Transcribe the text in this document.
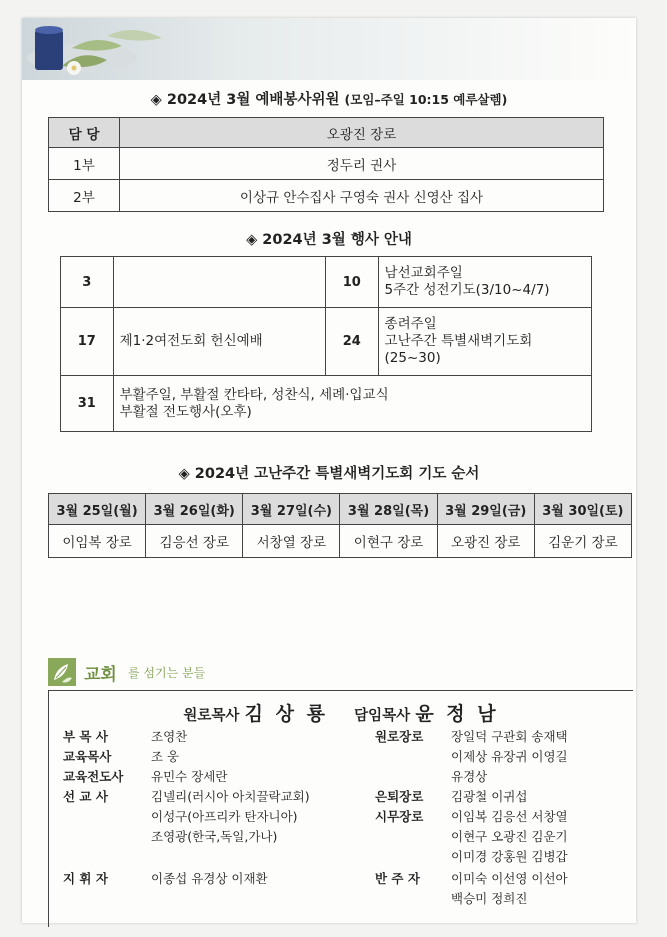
◈ 2024년 3월 예배봉사위원 (모임–주일 10:15 예루살렘)
담 당	오광진 장로
1부	정두리 권사
2부	이상규 안수집사 구영숙 권사 신영산 집사
◈ 2024년 3월 행사 안내
3		10	남선교회주일
5주간 성전기도(3/10~4/7)

17	제1·2여전도회 헌신예배	24	종려주일
고난주간 특별새벽기도회
(25~30)

31	부활주일, 부활절 칸타타, 성찬식, 세례·입교식
부활절 전도행사(오후)		
◈ 2024년 고난주간 특별새벽기도회 기도 순서
3월 25일(월)	3월 26일(화)	3월 27일(수)	3월 28일(목)	3월 29일(금)	3월 30일(토)
이임복 장로	김응선 장로	서창열 장로	이현구 장로	오광진 장로	김운기 장로
교회 를 섬기는 분들
원로목사 김 상 룡 담임목사 윤 정 남
부 목 사	조영찬
교육목사	조 웅
교육전도사 유민수 장세란
선 교 사	김넬리(러시아 아치끌락교회)
이성구(아프리카 탄자니아)
조영광(한국,독일,가나)
지 휘 자	이종섭 유경상 이재환
원로장로 장일덕 구관회 송재택
이제상 유장귀 이영길
유경상
은퇴장로 김광철 이귀섭
시무장로 이임복 김응선 서창열
이현구 오광진 김운기
이미경 강홍원 김병갑
반 주 자 이미숙 이선영 이선아
백승미 정희진
